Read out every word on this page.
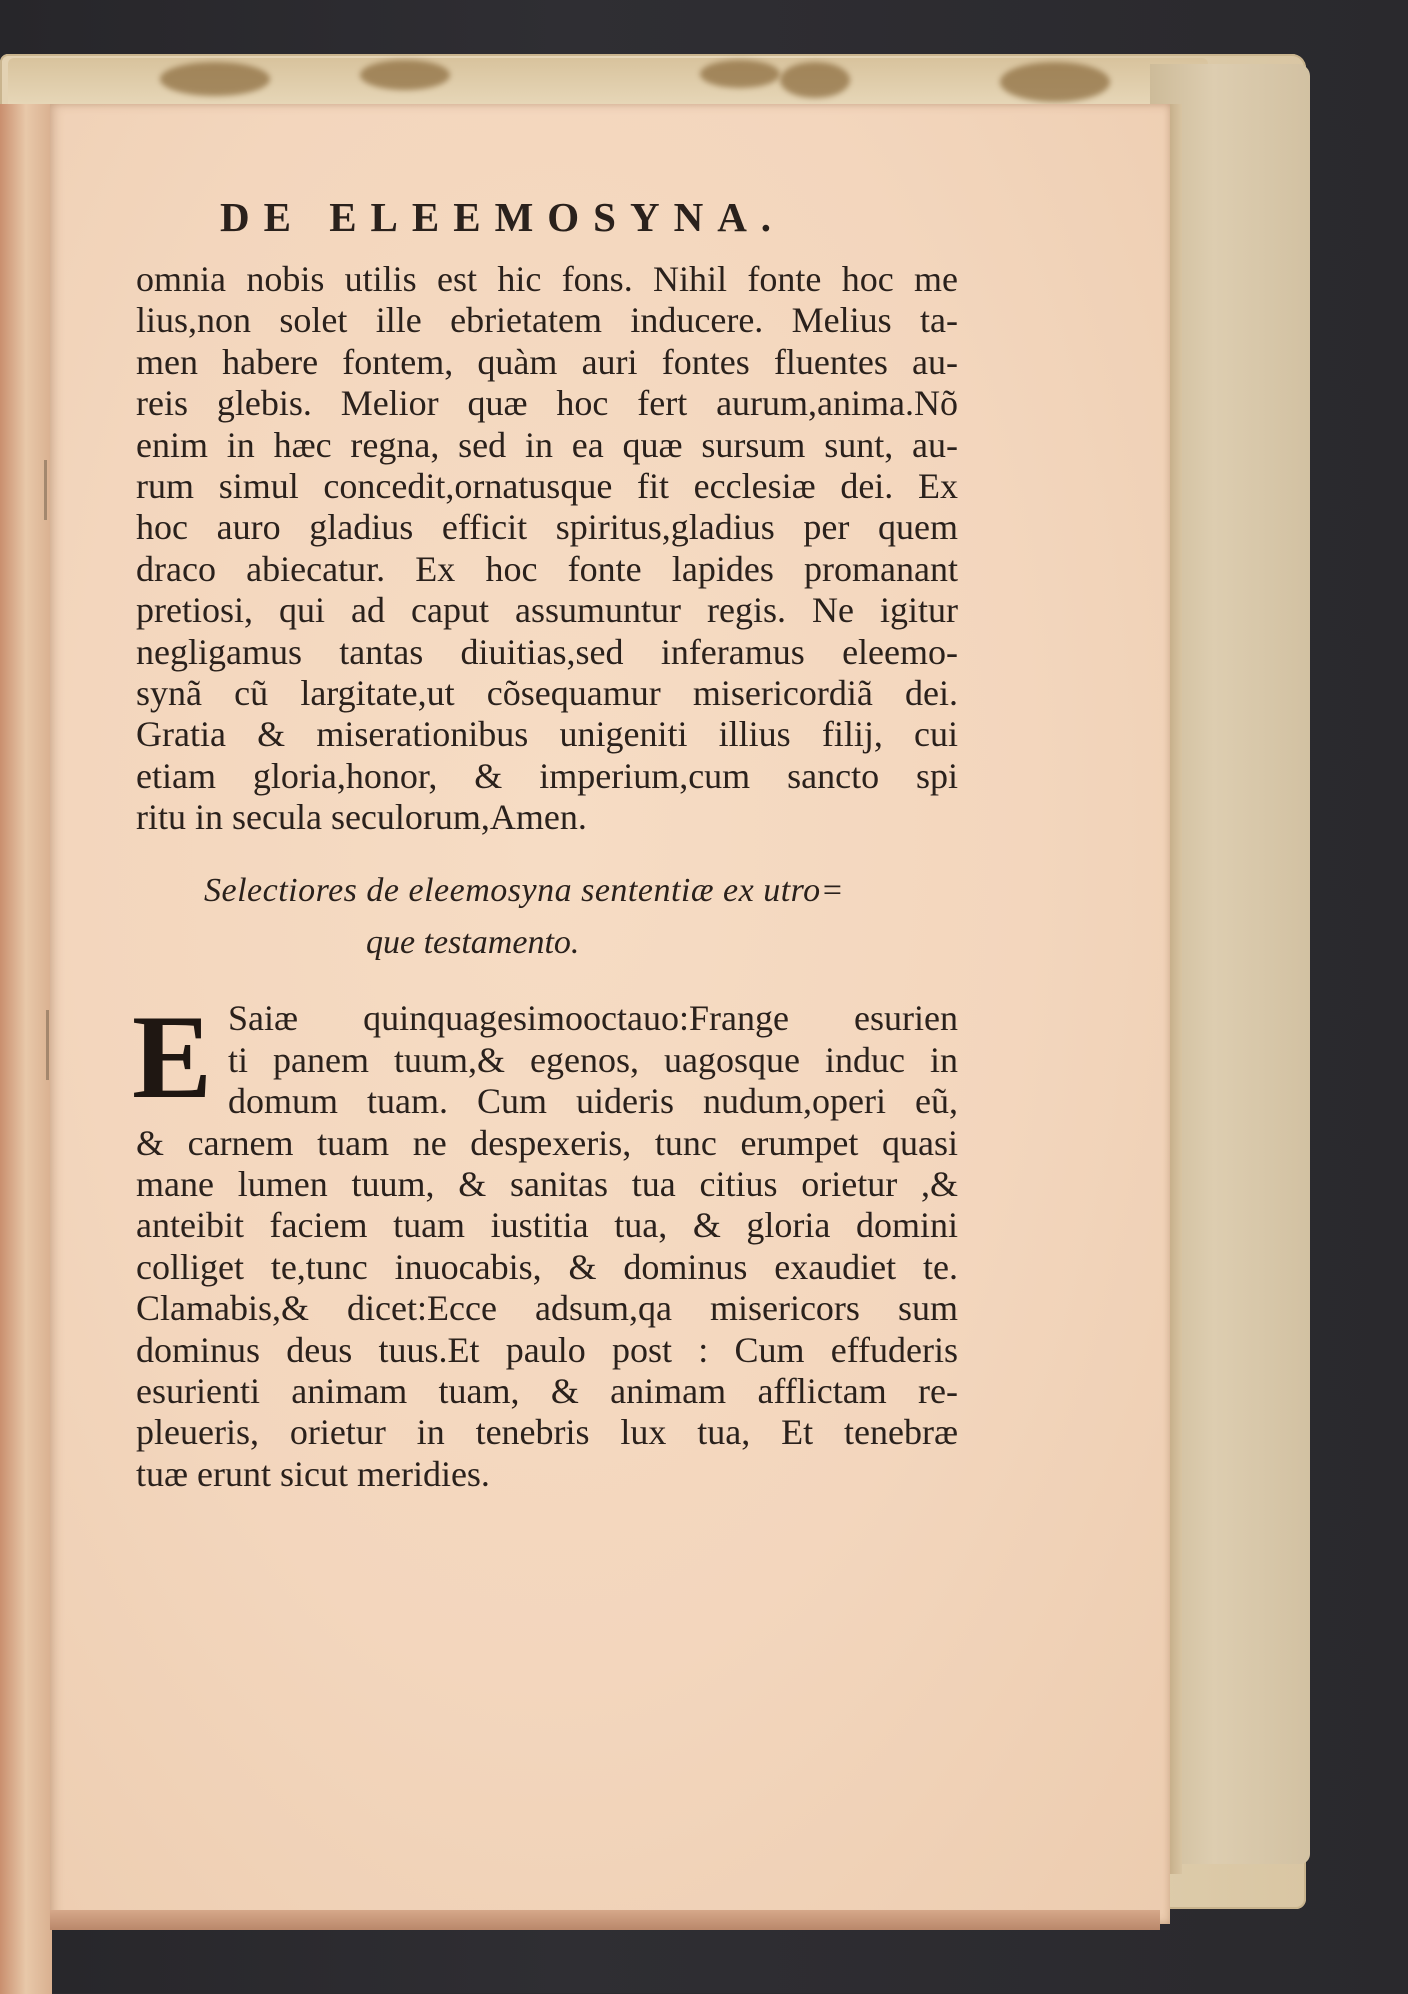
DE ELEEMOSYNA.
omnia nobis utilis est hic fons. Nihil fonte hoc me
lius,non solet ille ebrietatem inducere. Melius ta-
men habere fontem, quàm auri fontes fluentes au-
reis glebis. Melior quæ hoc fert aurum,anima.Nõ
enim in hæc regna, sed in ea quæ sursum sunt, au-
rum simul concedit,ornatusque fit ecclesiæ dei. Ex
hoc auro gladius efficit spiritus,gladius per quem
draco abiecatur. Ex hoc fonte lapides promanant
pretiosi, qui ad caput assumuntur regis. Ne igitur
negligamus tantas diuitias,sed inferamus eleemo-
synã cũ largitate,ut cõsequamur misericordiã dei.
Gratia & miserationibus unigeniti illius filij, cui
etiam gloria,honor, & imperium,cum sancto spi
ritu in secula seculorum,Amen.
Selectiores de eleemosyna sententiæ ex utro=
que testamento.
E Saiæ quinquagesimooctauo:Frange esurien
ti panem tuum,& egenos, uagosque induc in
domum tuam. Cum uideris nudum,operi eũ,
& carnem tuam ne despexeris, tunc erumpet quasi
mane lumen tuum, & sanitas tua citius orietur ,&
anteibit faciem tuam iustitia tua, & gloria domini
colliget te,tunc inuocabis, & dominus exaudiet te.
Clamabis,& dicet:Ecce adsum,qa misericors sum
dominus deus tuus.Et paulo post : Cum effuderis
esurienti animam tuam, & animam afflictam re-
pleueris, orietur in tenebris lux tua, Et tenebræ
tuæ erunt sicut meridies.
